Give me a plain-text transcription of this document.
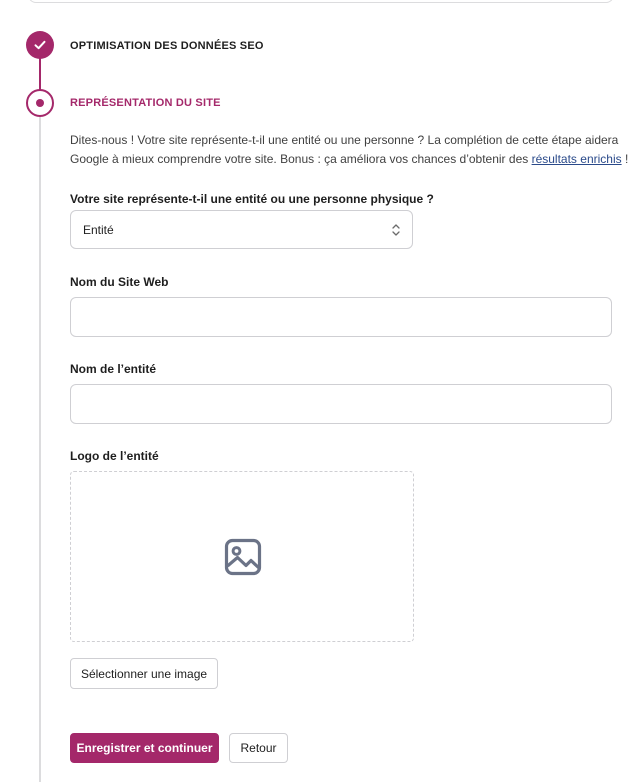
OPTIMISATION DES DONNÉES SEO
REPRÉSENTATION DU SITE
Dites-nous ! Votre site représente-t-il une entité ou une personne ? La complétion de cette étape aidera Google à mieux comprendre votre site. Bonus : ça améliora vos chances d’obtenir des résultats enrichis !
Votre site représente-t-il une entité ou une personne physique ?
Entité
Nom du Site Web
Nom de l’entité
Logo de l’entité
Sélectionner une image
Enregistrer et continuer	Retour
